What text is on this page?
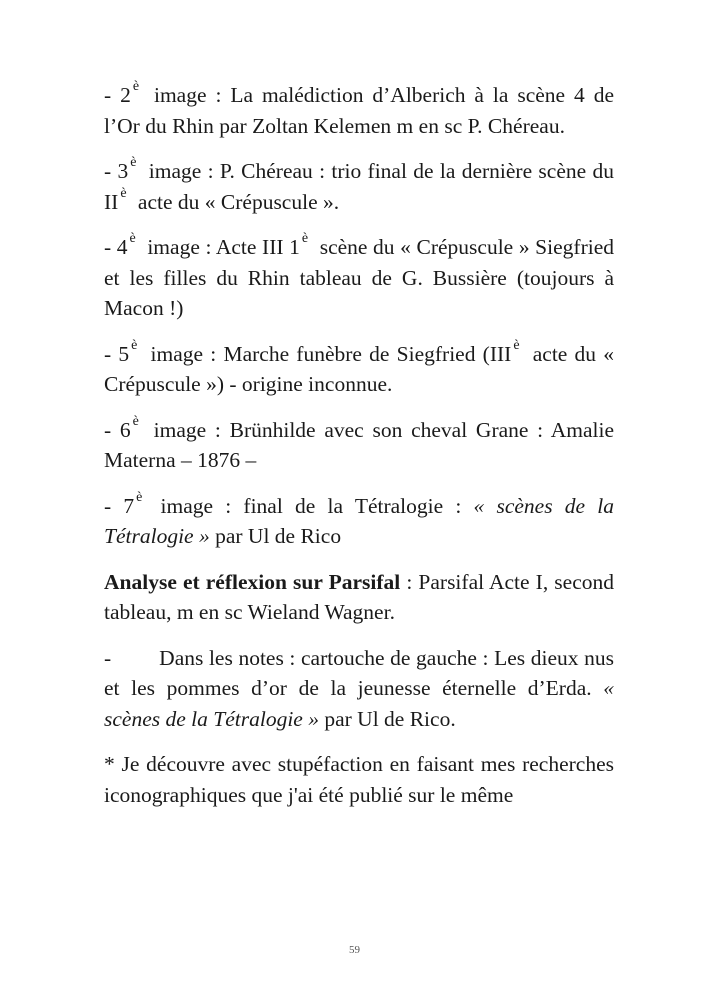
- 2 $^è$ image : La malédiction d’Alberich à la scène 4 de l’Or du Rhin par Zoltan Kelemen m en sc P. Chéreau.

- 3 $^è$ image : P. Chéreau : trio final de la dernière scène du II $^è$ acte du « Crépuscule ».

- 4 $^è$ image : Acte III 1 $^è$ scène du « Crépuscule » Siegfried et les filles du Rhin tableau de G. Bussière (toujours à Macon !)

- 5 $^è$ image : Marche funèbre de Siegfried (III $^è$ acte du « Crépuscule ») - origine inconnue.

- 6 $^è$ image : Brünhilde avec son cheval Grane : Amalie Materna – 1876 –

- 7 $^è$ image : final de la Tétralogie : « scènes de la Tétralogie » par Ul de Rico

Analyse et réflexion sur Parsifal : Parsifal Acte I, second tableau, m en sc Wieland Wagner.

- Dans les notes : cartouche de gauche : Les dieux nus et les pommes d’or de la jeunesse éternelle d’Erda. « scènes de la Tétralogie » par Ul de Rico.

* Je découvre avec stupéfaction en faisant mes recherches iconographiques que j'ai été publié sur le même

59
